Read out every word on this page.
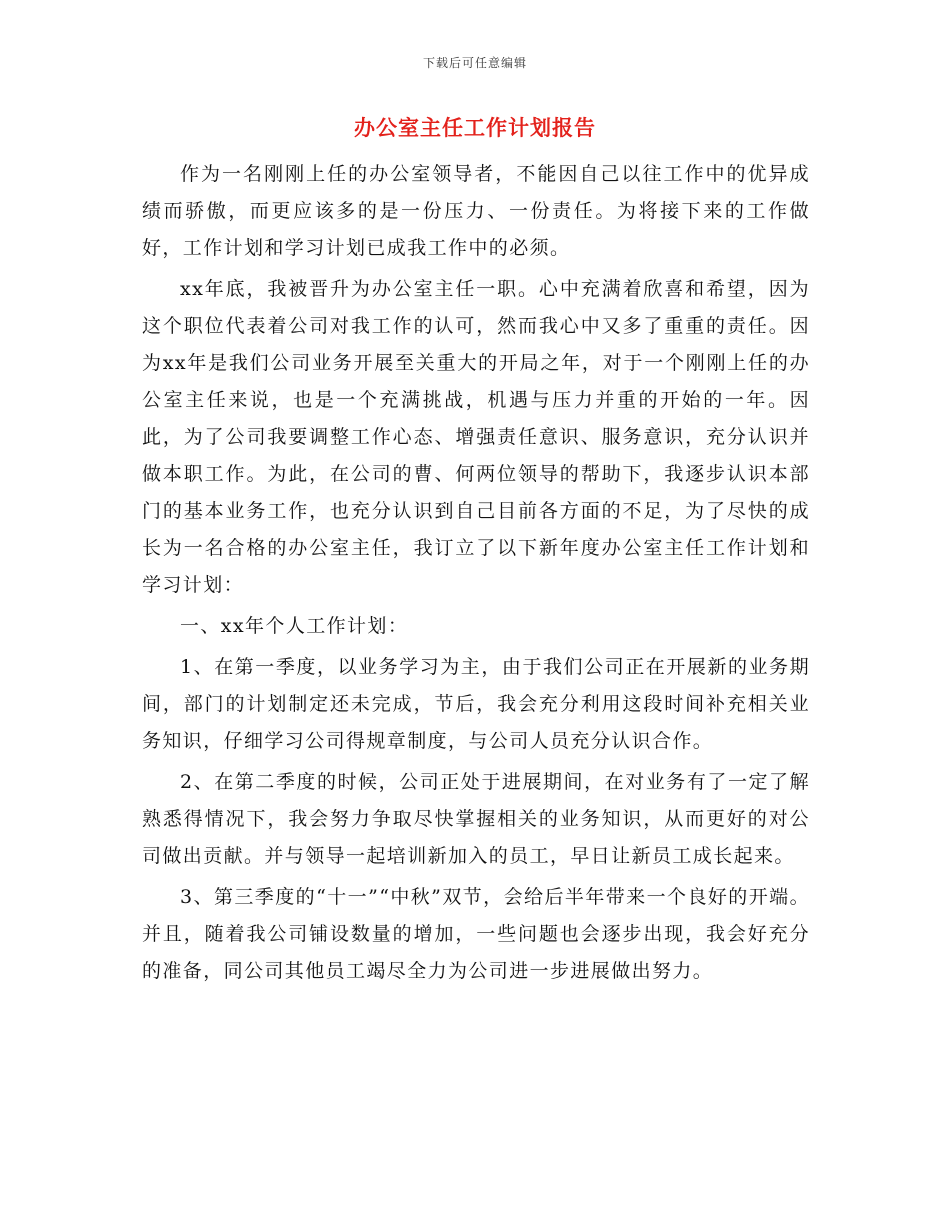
下载后可任意编辑
办公室主任工作计划报告

作为一名刚刚上任的办公室领导者，不能因自己以往工作中的优异成绩而骄傲，而更应该多的是一份压力、一份责任。为将接下来的工作做好，工作计划和学习计划已成我工作中的必须。

xx年底，我被晋升为办公室主任一职。心中充满着欣喜和希望，因为这个职位代表着公司对我工作的认可，然而我心中又多了重重的责任。因为xx年是我们公司业务开展至关重大的开局之年，对于一个刚刚上任的办公室主任来说，也是一个充满挑战，机遇与压力并重的开始的一年。因此，为了公司我要调整工作心态、增强责任意识、服务意识，充分认识并做本职工作。为此，在公司的曹、何两位领导的帮助下，我逐步认识本部门的基本业务工作，也充分认识到自己目前各方面的不足，为了尽快的成长为一名合格的办公室主任，我订立了以下新年度办公室主任工作计划和学习计划：

一、xx年个人工作计划：

1、在第一季度，以业务学习为主，由于我们公司正在开展新的业务期间，部门的计划制定还未完成，节后，我会充分利用这段时间补充相关业务知识，仔细学习公司得规章制度，与公司人员充分认识合作。

2、在第二季度的时候，公司正处于进展期间，在对业务有了一定了解熟悉得情况下，我会努力争取尽快掌握相关的业务知识，从而更好的对公司做出贡献。并与领导一起培训新加入的员工，早日让新员工成长起来。

3、第三季度的“十一”“中秋”双节，会给后半年带来一个良好的开端。并且，随着我公司铺设数量的增加，一些问题也会逐步出现，我会好充分的准备，同公司其他员工竭尽全力为公司进一步进展做出努力。
